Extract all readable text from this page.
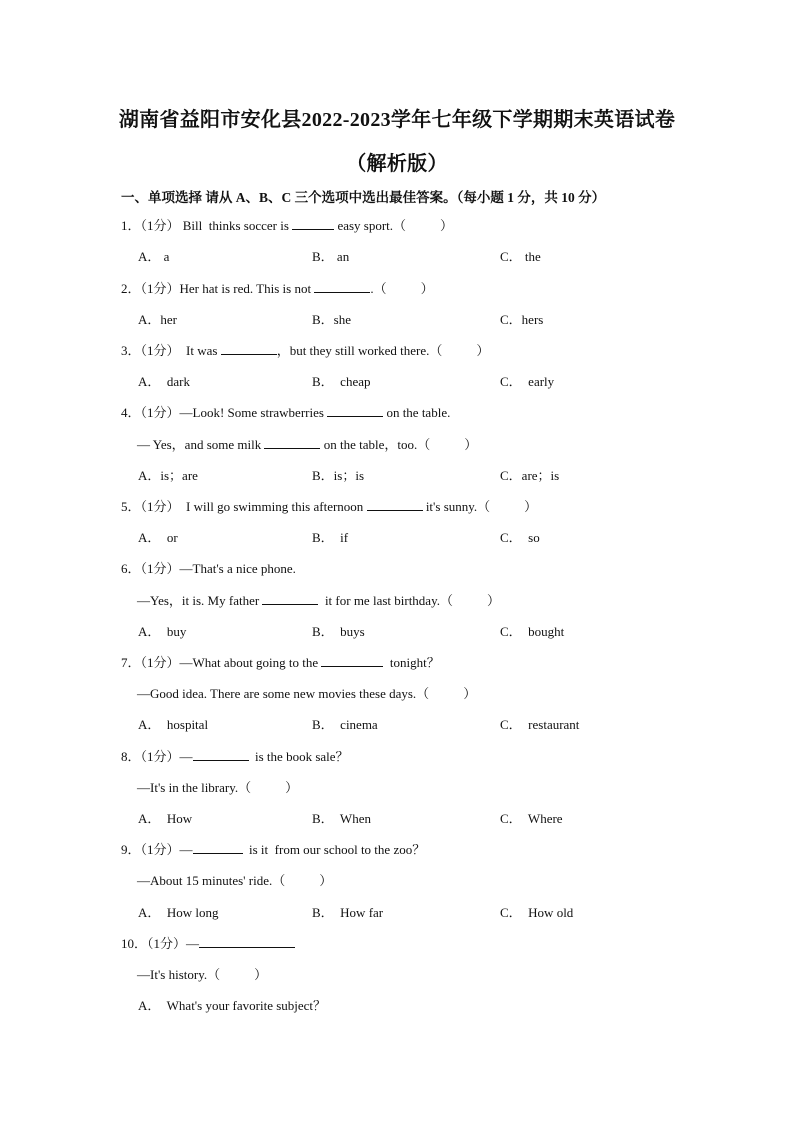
湖南省益阳市安化县2022-2023学年七年级下学期期末英语试卷
（解析版）
一、单项选择 请从 A、B、C 三个选项中选出最佳答案。（每小题 1 分，共 10 分）
1．（1分） Bill  thinks soccer is	easy sport.（	）
A． a	B． an	C． the
2．（1分）Her hat is red. This is not	.（	）
A．her	B．she	C．hers
3．（1分）  It was	，but they still worked there.（	）
A．  dark	B．  cheap	C．  early
4．（1分）—Look! Some strawberries	on the table.
— Yes，and some milk	on the table，too.（	）
A．is；are	B．is；is	C．are；is
5．（1分）  I will go swimming this afternoon	it's sunny.（	）
A．  or	B．  if	C．  so
6．（1分）—That's a nice phone.
—Yes，it is. My father	it for me last birthday.（	）
A．  buy	B．  buys	C．  bought
7．（1分）—What about going to the	tonight？
—Good idea. There are some new movies these days.（	）
A．  hospital	B．  cinema	C．  restaurant
8．（1分）—	is the book sale？
—It's in the library.（	）
A．  How	B．  When	C．  Where
9．（1分）—	is it  from our school to the zoo？
—About 15 minutes' ride.（	）
A．  How long	B．  How far	C．  How old
10．（1分）—
—It's history.（	）
A．  What's your favorite subject？
